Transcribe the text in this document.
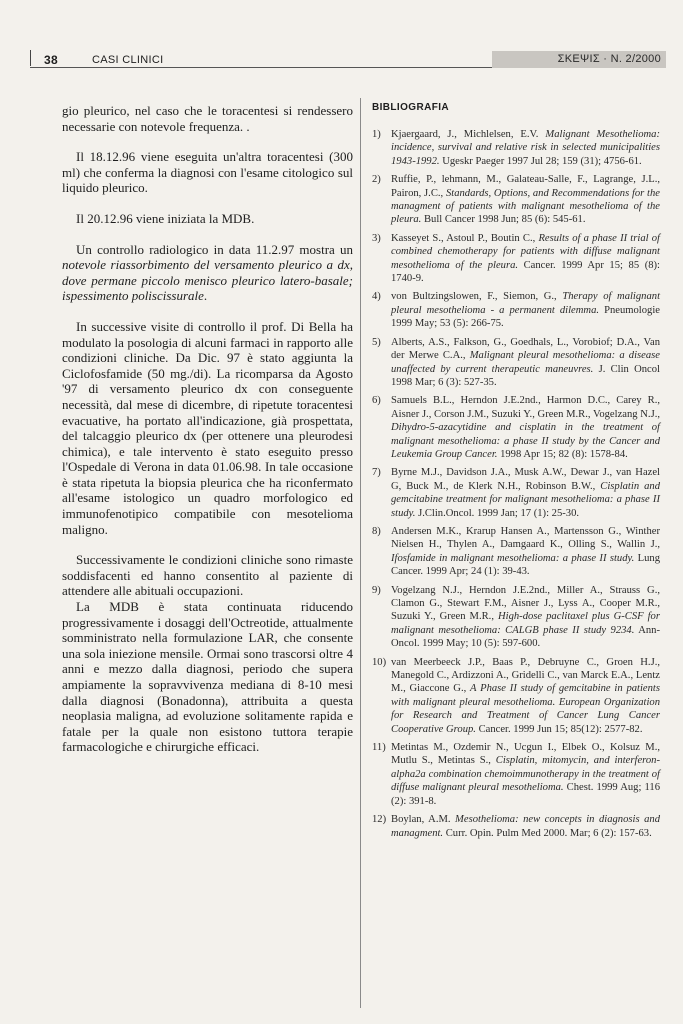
38	CASI CLINICI	ΣΚΕΨΙΣ · N. 2/2000

gio pleurico, nel caso che le toracentesi si rendessero necessarie con notevole frequenza. .

Il 18.12.96 viene eseguita un'altra toracentesi (300 ml) che conferma la diagnosi con l'esame citologico sul liquido pleurico.

Il 20.12.96 viene iniziata la MDB.

Un controllo radiologico in data 11.2.97 mostra un notevole riassorbimento del versamento pleurico a dx, dove permane piccolo menisco pleurico latero-basale; ispessimento poliscissurale.

In successive visite di controllo il prof. Di Bella ha modulato la posologia di alcuni farmaci in rapporto alle condizioni cliniche. Da Dic. 97 è stato aggiunta la Ciclofosfamide (50 mg./di). La ricomparsa da Agosto '97 di versamento pleurico dx con conseguente necessità, dal mese di dicembre, di ripetute toracentesi evacuative, ha portato all'indicazione, già prospettata, del talcaggio pleurico dx (per ottenere una pleurodesi chimica), e tale intervento è stato eseguito presso l'Ospedale di Verona in data 01.06.98. In tale occasione è stata ripetuta la biopsia pleurica che ha riconfermato all'esame istologico un quadro morfologico ed immunofenotipico compatibile con mesotelioma maligno.

Successivamente le condizioni cliniche sono rimaste soddisfacenti ed hanno consentito al paziente di attendere alle abituali occupazioni.

La MDB è stata continuata riducendo progressivamente i dosaggi dell'Octreotide, attualmente somministrato nella formulazione LAR, che consente una sola iniezione mensile. Ormai sono trascorsi oltre 4 anni e mezzo dalla diagnosi, periodo che supera ampiamente la sopravvivenza mediana di 8-10 mesi dalla diagnosi (Bonadonna), attribuita a questa neoplasia maligna, ad evoluzione solitamente rapida e fatale per la quale non esistono tuttora terapie farmacologiche e chirurgiche efficaci.

BIBLIOGRAFIA
1) Kjaergaard, J., Michlelsen, E.V. Malignant Mesothelioma: incidence, survival and relative risk in selected municipalities 1943-1992. Ugeskr Paeger 1997 Jul 28; 159 (31); 4756-61.
2) Ruffie, P., lehmann, M., Galateau-Salle, F., Lagrange, J.L., Pairon, J.C., Standards, Options, and Recommendations for the managment of patients with malignant mesothelioma of the pleura. Bull Cancer 1998 Jun; 85 (6): 545-61.
3) Kasseyet S., Astoul P., Boutin C., Results of a phase II trial of combined chemotherapy for patients with diffuse malignant mesothelioma of the pleura. Cancer. 1999 Apr 15; 85 (8): 1740-9.
4) von Bultzingslowen, F., Siemon, G., Therapy of malignant pleural mesothelioma - a permanent dilemma. Pneumologie 1999 May; 53 (5): 266-75.
5) Alberts, A.S., Falkson, G., Goedhals, L., Vorobiof; D.A., Van der Merwe C.A., Malignant pleural mesothelioma: a disease unaffected by current therapeutic maneuvres. J. Clin Oncol 1998 Mar; 6 (3): 527-35.
6) Samuels B.L., Herndon J.E.2nd., Harmon D.C., Carey R., Aisner J., Corson J.M., Suzuki Y., Green M.R., Vogelzang N.J., Dihydro-5-azacytidine and cisplatin in the treatment of malignant mesothelioma: a phase II study by the Cancer and Leukemia Group Cancer. 1998 Apr 15; 82 (8): 1578-84.
7) Byrne M.J., Davidson J.A., Musk A.W., Dewar J., van Hazel G, Buck M., de Klerk N.H., Robinson B.W., Cisplatin and gemcitabine treatment for malignant mesothelioma: a phase II study. J.Clin.Oncol. 1999 Jan; 17 (1): 25-30.
8) Andersen M.K., Krarup Hansen A., Martensson G., Winther Nielsen H., Thylen A., Damgaard K., Olling S., Wallin J., Ifosfamide in malignant mesothelioma: a phase II study. Lung Cancer. 1999 Apr; 24 (1): 39-43.
9) Vogelzang N.J., Herndon J.E.2nd., Miller A., Strauss G., Clamon G., Stewart F.M., Aisner J., Lyss A., Cooper M.R., Suzuki Y., Green M.R., High-dose paclitaxel plus G-CSF for malignant mesothelioma: CALGB phase II study 9234. Ann-Oncol. 1999 May; 10 (5): 597-600.
10) van Meerbeeck J.P., Baas P., Debruyne C., Groen H.J., Manegold C., Ardizzoni A., Gridelli C., van Marck E.A., Lentz M., Giaccone G., A Phase II study of gemcitabine in patients with malignant pleural mesothelioma. European Organization for Research and Treatment of Cancer Lung Cancer Cooperative Group. Cancer. 1999 Jun 15; 85(12): 2577-82.
11) Metintas M., Ozdemir N., Ucgun I., Elbek O., Kolsuz M., Mutlu S., Metintas S., Cisplatin, mitomycin, and interferon-alpha2a combination chemoimmunotherapy in the treatment of diffuse malignant pleural mesothelioma. Chest. 1999 Aug; 116 (2): 391-8.
12) Boylan, A.M. Mesothelioma: new concepts in diagnosis and managment. Curr. Opin. Pulm Med 2000. Mar; 6 (2): 157-63.
